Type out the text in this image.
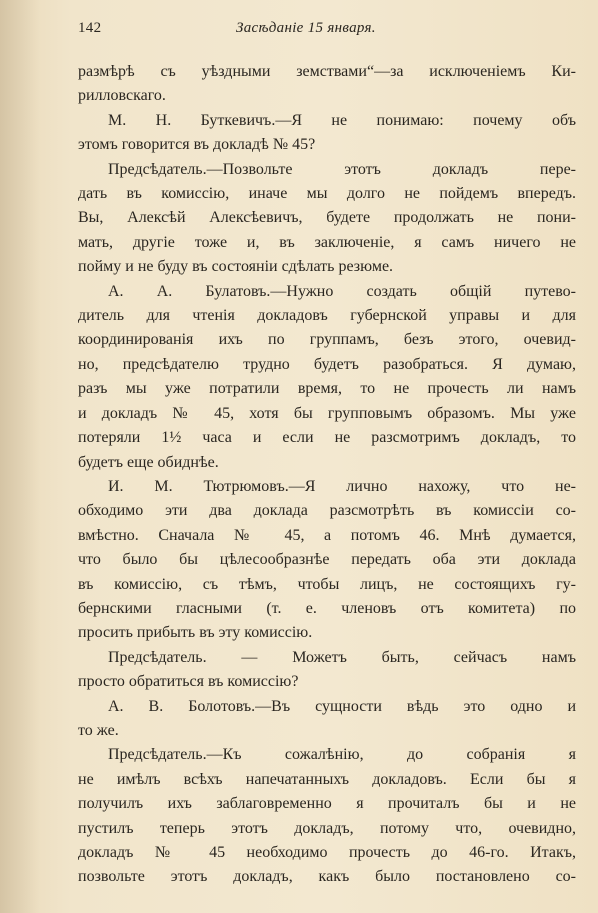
142	Засѣданіе 15 января.
размѣрѣ съ уѣздными земствами“—за исключеніемъ Ки-
рилловскаго.
М. Н. Буткевичъ.—Я не понимаю: почему объ
этомъ говорится въ докладѣ № 45?
Предсѣдатель.—Позвольте этотъ докладъ пере-
дать въ комиссію, иначе мы долго не пойдемъ впередъ.
Вы, Алексѣй Алексѣевичъ, будете продолжать не пони-
мать, другіе тоже и, въ заключеніе, я самъ ничего не
пойму и не буду въ состояніи сдѣлать резюме.
А. А. Булатовъ.—Нужно создать общій путево-
дитель для чтенія докладовъ губернской управы и для
координированія ихъ по группамъ, безъ этого, очевид-
но, предсѣдателю трудно будетъ разобраться. Я думаю,
разъ мы уже потратили время, то не прочесть ли намъ
и докладъ № 45, хотя бы групповымъ образомъ. Мы уже
потеряли 1½ часа и если не разсмотримъ докладъ, то
будетъ еще обиднѣе.
И. М. Тютрюмовъ.—Я лично нахожу, что не-
обходимо эти два доклада разсмотрѣть въ комиссіи со-
вмѣстно. Сначала № 45, а потомъ 46. Мнѣ думается,
что было бы цѣлесообразнѣе передать оба эти доклада
въ комиссію, съ тѣмъ, чтобы лицъ, не состоящихъ гу-
бернскими гласными (т. е. членовъ отъ комитета) по
просить прибыть въ эту комиссію.
Предсѣдатель. — Можетъ быть, сейчасъ намъ
просто обратиться въ комиссію?
А. В. Болотовъ.—Въ сущности вѣдь это одно и
то же.
Предсѣдатель.—Къ сожалѣнію, до собранія я
не имѣлъ всѣхъ напечатанныхъ докладовъ. Если бы я
получилъ ихъ заблаговременно я прочиталъ бы и не
пустилъ теперь этотъ докладъ, потому что, очевидно,
докладъ № 45 необходимо прочесть до 46-го. Итакъ,
позвольте этотъ докладъ, какъ было постановлено со-
